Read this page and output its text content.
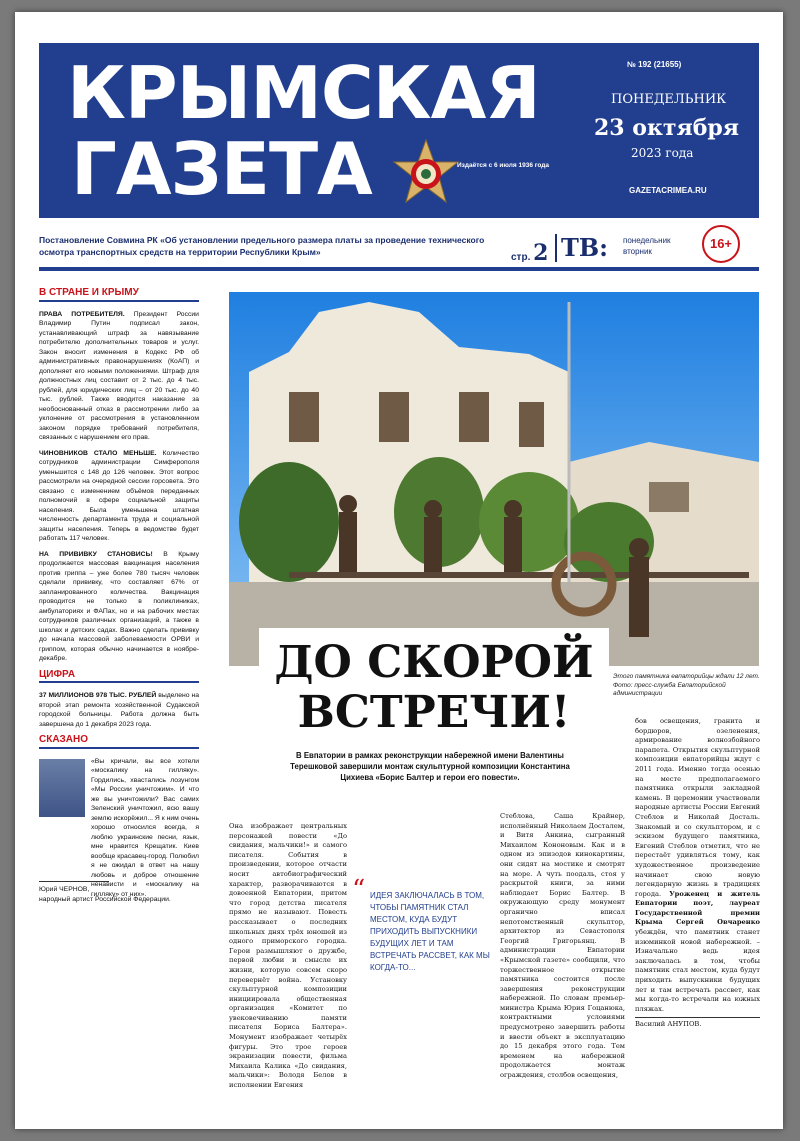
КРЫМСКАЯ
ГАЗЕТА	Издаётся с 6 июля 1936 года
№ 192 (21655)
ПОНЕДЕЛЬНИК
23 октября
2023 года
GAZETACRIMEA.RU
Постановление Совмина РК «Об установлении предельного размера платы за проведение технического осмотра транспортных средств на территории Республики Крым»	стр. 2 ТВ: понедельник
вторник
16+
В СТРАНЕ И КРЫМУ
ПРАВА ПОТРЕБИТЕЛЯ. Президент России Владимир Путин подписал закон, устанавливающий штраф за навязывание потребителю дополнительных товаров и услуг. Закон вносит изменения в Кодекс РФ об административных правонарушениях (КоАП) и дополняет его новыми положениями. Штраф для должностных лиц составит от 2 тыс. до 4 тыс. рублей, для юридических лиц – от 20 тыс. до 40 тыс. рублей. Также вводится наказание за необоснованный отказ в рассмотрении либо за уклонение от рассмотрения в установленном законом порядке требований потребителя, связанных с нарушением его прав.
ЧИНОВНИКОВ СТАЛО МЕНЬШЕ. Количество сотрудников администрации Симферополя уменьшится с 148 до 126 человек. Этот вопрос рассмотрели на очередной сессии горсовета. Это связано с изменением объёмов переданных полномочий в сфере социальной защиты населения. Была уменьшена штатная численность департамента труда и социальной защиты населения. Теперь в ведомстве будет работать 117 человек.
НА ПРИВИВКУ СТАНОВИСЬ! В Крыму продолжается массовая вакцинация населения против гриппа – уже более 780 тысяч человек сделали прививку, что составляет 67% от запланированного количества. Вакцинация проводится не только в поликлиниках, амбулаториях и ФАПах, но и на рабочих местах сотрудников различных организаций, а также в школах и детских садах. Важно сделать прививку до начала массовой заболеваемости ОРВИ и гриппом, которая обычно начинается в ноябре-декабре.
ЦИФРА
37 МИЛЛИОНОВ 978 ТЫС. РУБЛЕЙ выделено на второй этап ремонта хозяйственной Судакской городской больницы. Работа должна быть завершена до 1 декабря 2023 года.
СКАЗАНО
«Вы кричали, вы все хотели «москалику на гилляку». Гордились, хвастались лозунгом «Мы России уничтожим». И что же вы уничтожили? Вас самих Зеленский уничтожил, всю вашу землю искорёжил... Я к ним очень хорошо относился всегда, я люблю украинские песни, язык, мне нравится Крещатик. Киев вообще красавец-город. Полюбил я не ожидал в ответ на нашу любовь и доброе отношение ненависти и «москалику на гилляку» от них».
Юрий ЧЕРНОВ,
народный артист Российской Федерации.
Этого памятника евпаторийцы ждали 12 лет.
Фото: пресс-служба Евпаторийской администрации
ДО СКОРОЙ ВСТРЕЧИ!
В Евпатории в рамках реконструкции набережной имени Валентины Терешковой завершили монтаж скульптурной композиции Константина Цихиева «Борис Балтер и герои его повести».
Она изображает центральных персонажей повести «До свидания, мальчики!» и самого писателя. События в произведении, которое отчасти носит автобиографический характер, разворачиваются в довоенной Евпатории, притом что город детства писателя прямо не называют. Повесть рассказывает о последних школьных днях трёх юношей из одного приморского городка. Герои размышляют о дружбе, первой любви и смысле их жизни, которую совсем скоро перевернёт война. Установку скульптурной композиции инициировала общественная организация «Комитет по увековечиванию памяти писателя Бориса Балтера». Монумент изображает четырёх фигуры. Это трое героев экранизации повести, фильма Михаила Калика «До свидания, мальчики»: Володя Белов в исполнении Евгения
Стеблова, Саша Крайнер, исполнённый Николаем Досталем, и Витя Анкина, сыгранный Михаилом Кононовым. Как и в одном из эпизодов кинокартины, они сидят на мостике и смотрят на море. А чуть поодаль, стоя у раскрытой книги, за ними наблюдает Борис Балтер. В окружающую среду монумент органично вписал непотомственный скульптор, архитектор из Севастополя Георгий Григорьянц. В администрации Евпатории «Крымской газете» сообщили, что торжественное открытие памятника состоится после завершения реконструкции набережной. По словам премьер-министра Крыма Юрия Гоцанюка, контрактными условиями предусмотрено завершить работы и ввести объект в эксплуатацию до 15 декабря этого года. Тем временем на набережной продолжается монтаж ограждения, столбов освещения,
“ ИДЕЯ ЗАКЛЮЧАЛАСЬ В ТОМ, ЧТОБЫ ПАМЯТНИК СТАЛ МЕСТОМ, КУДА БУДУТ ПРИХОДИТЬ ВЫПУСКНИКИ БУДУЩИХ ЛЕТ И ТАМ ВСТРЕЧАТЬ РАССВЕТ, КАК МЫ КОГДА-ТО...
бов освещения, гранита и бордюров, озеленения, армирование волнозбойного парапета. Открытия скульптурной композиции евпаторийцы ждут с 2011 года. Именно тогда осенью на месте предполагаемого памятника открыли закладной камень. В церемонии участвовали народные артисты России Евгений Стеблов и Николай Досталь. Знакомый и со скульптором, и с эскизом будущего памятника, Евгений Стеблов отметил, что не перестаёт удивляться тому, как художественное произведение начинает свою новую легендарную жизнь в традициях города. Уроженец и житель Евпатории поэт, лауреат Государственной премии Крыма Сергей Овчаренко убеждён, что памятник станет изюминкой новой набережной. – Изначально ведь идея заключалась в том, чтобы памятник стал местом, куда будут приходить выпускники будущих лет и там встречать рассвет, как мы когда-то встречали на южных пляжах.
Василий АНУПОВ.
